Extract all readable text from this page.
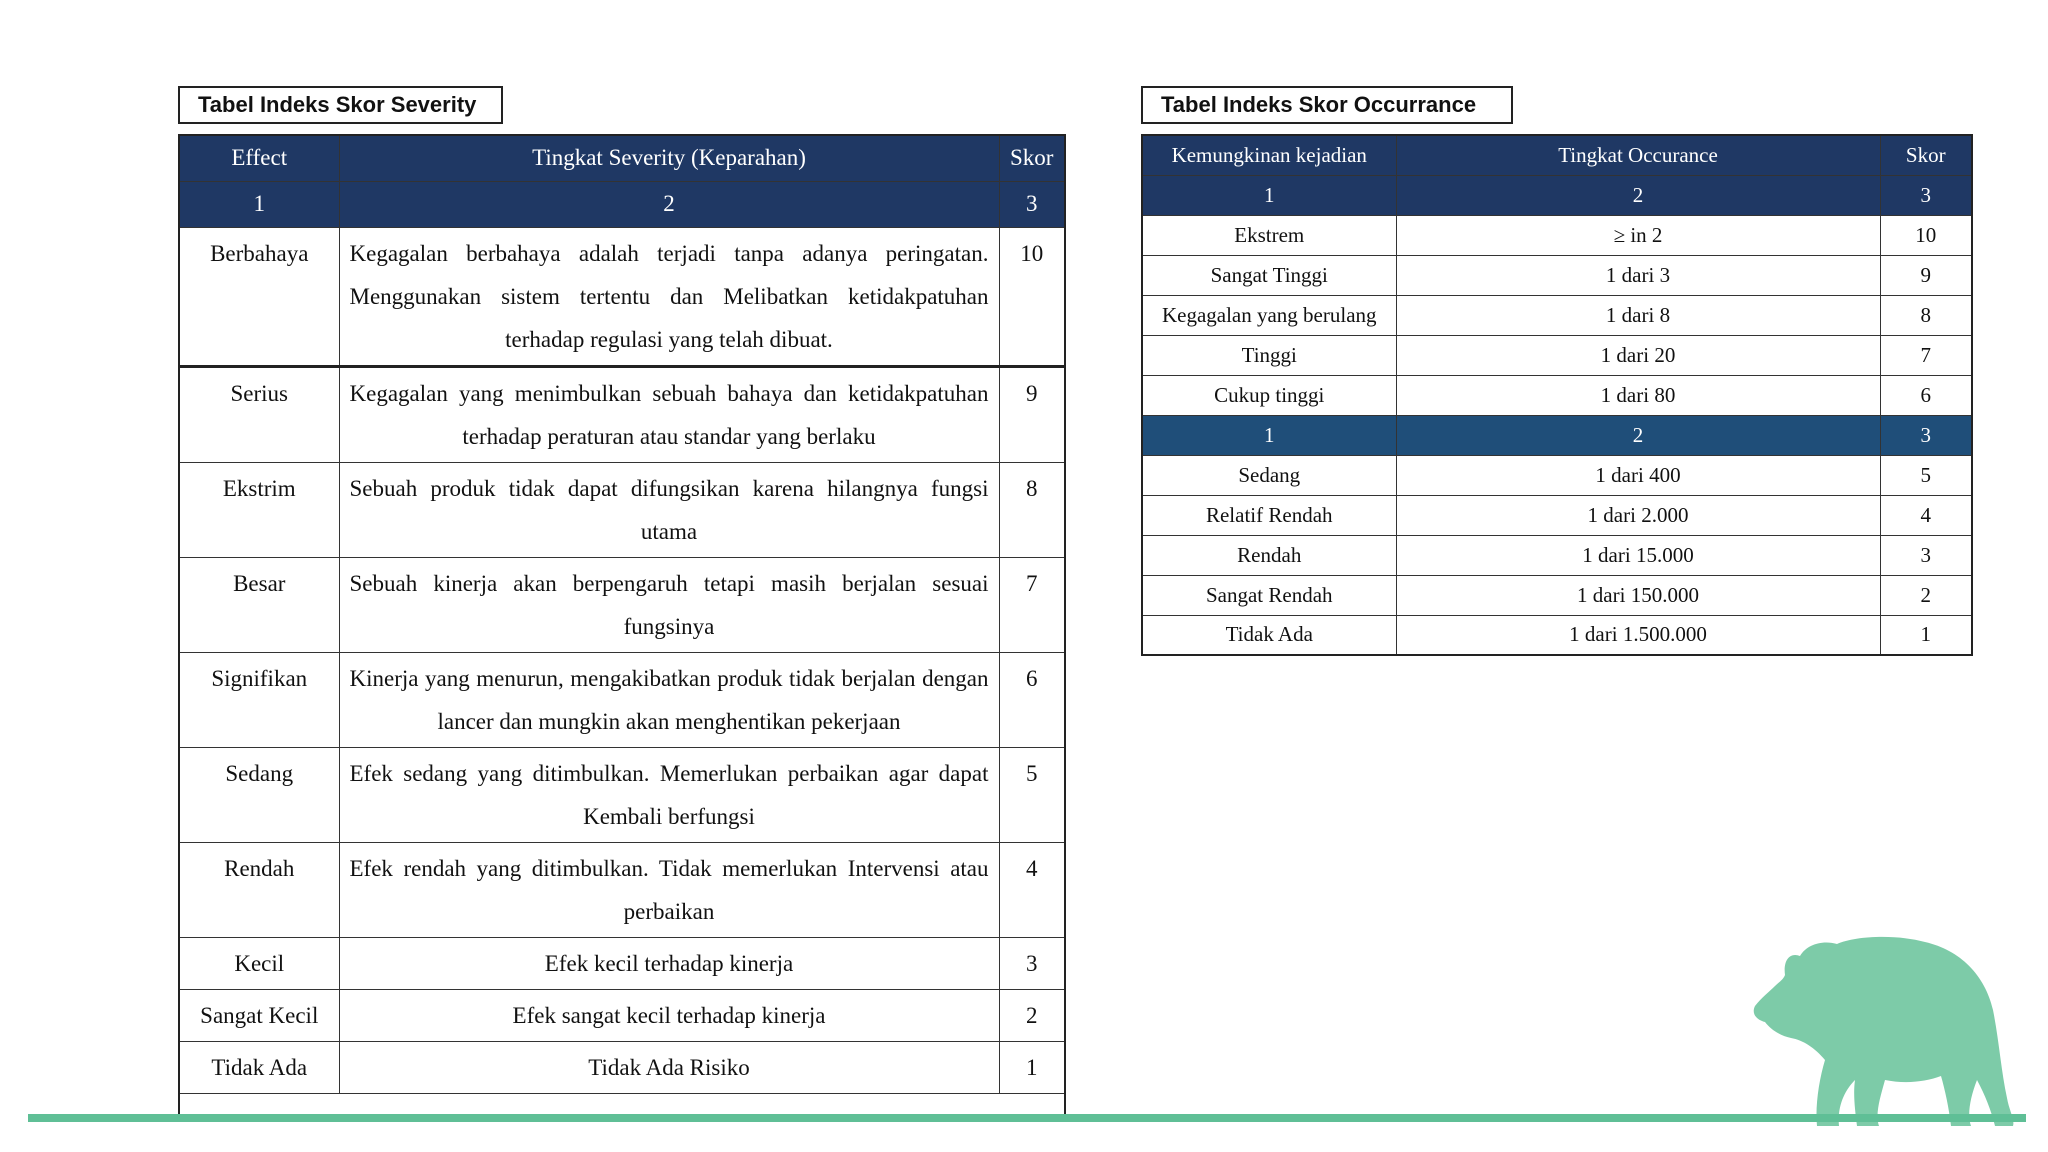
Tabel Indeks Skor Severity
Effect	Tingkat Severity (Keparahan)	Skor
1	2	3
Berbahaya	Kegagalan berbahaya adalah terjadi tanpa adanya peringatan. Menggunakan sistem tertentu dan Melibatkan ketidakpatuhan terhadap regulasi yang telah dibuat.	10
Serius	Kegagalan yang menimbulkan sebuah bahaya dan ketidakpatuhan terhadap peraturan atau standar yang berlaku	9
Ekstrim	Sebuah produk tidak dapat difungsikan karena hilangnya fungsi utama	8
Besar	Sebuah kinerja akan berpengaruh tetapi masih berjalan sesuai fungsinya	7
Signifikan	Kinerja yang menurun, mengakibatkan produk tidak berjalan dengan lancer dan mungkin akan menghentikan pekerjaan	6
Sedang	Efek sedang yang ditimbulkan. Memerlukan perbaikan agar dapat Kembali berfungsi	5
Rendah	Efek rendah yang ditimbulkan. Tidak memerlukan Intervensi atau perbaikan	4
Kecil	Efek kecil terhadap kinerja	3
Sangat Kecil	Efek sangat kecil terhadap kinerja	2
Tidak Ada	Tidak Ada Risiko	1

Tabel Indeks Skor Occurrance
Kemungkinan kejadian	Tingkat Occurance	Skor
1	2	3
Ekstrem	≥ in 2	10
Sangat Tinggi	1 dari 3	9
Kegagalan yang berulang	1 dari 8	8
Tinggi	1 dari 20	7
Cukup tinggi	1 dari 80	6
1	2	3
Sedang	1 dari 400	5
Relatif Rendah	1 dari 2.000	4
Rendah	1 dari 15.000	3
Sangat Rendah	1 dari 150.000	2
Tidak Ada	1 dari 1.500.000	1
